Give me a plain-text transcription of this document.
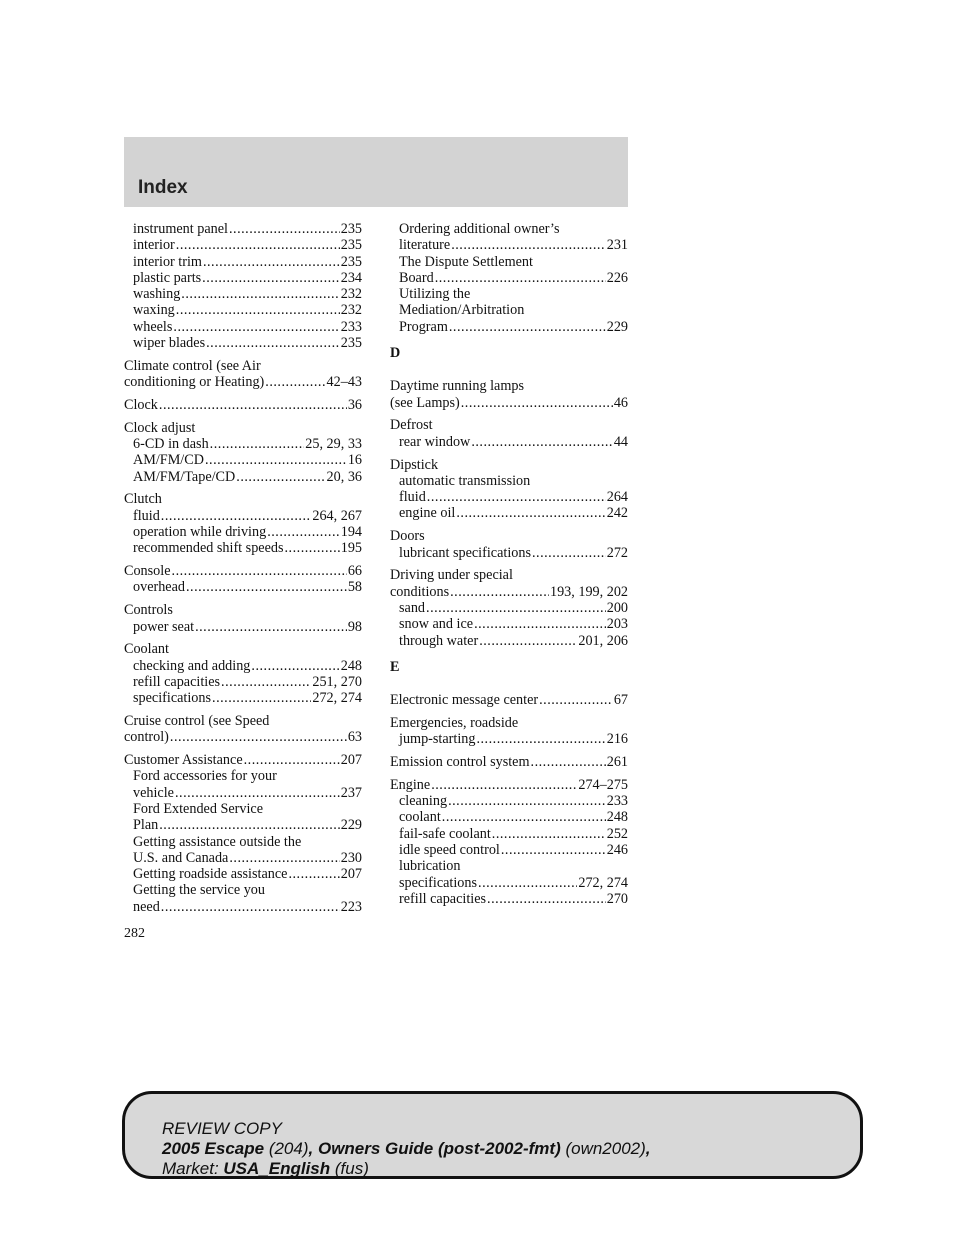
Index
instrument panel .....	235
interior .....	235
interior trim .....	235
plastic parts .....	234
washing .....	232
waxing .....	232
wheels .....	233
wiper blades .....	235
Climate control (see Air
conditioning or Heating) .....	42–43
Clock .....	36
Clock adjust
6-CD in dash .....	25, 29, 33
AM/FM/CD .....	16
AM/FM/Tape/CD .....	20, 36
Clutch
fluid .....	264, 267
operation while driving .....	194
recommended shift speeds .....	195
Console .....	66
overhead .....	58
Controls
power seat .....	98
Coolant
checking and adding .....	248
refill capacities .....	251, 270
specifications .....	272, 274
Cruise control (see Speed
control) .....	63
Customer Assistance .....	207
Ford accessories for your
vehicle .....	237
Ford Extended Service
Plan .....	229
Getting assistance outside the
U.S. and Canada .....	230
Getting roadside assistance .....	207
Getting the service you
need .....	223
Ordering additional owner’s
literature .....	231
The Dispute Settlement
Board .....	226
Utilizing the
Mediation/Arbitration
Program .....	229
D
Daytime running lamps
(see Lamps) .....	46
Defrost
rear window .....	44
Dipstick
automatic transmission
fluid .....	264
engine oil .....	242
Doors
lubricant specifications .....	272
Driving under special
conditions .....	193, 199, 202
sand .....	200
snow and ice .....	203
through water .....	201, 206
E
Electronic message center .....	67
Emergencies, roadside
jump-starting .....	216
Emission control system .....	261
Engine .....	274–275
cleaning .....	233
coolant .....	248
fail-safe coolant .....	252
idle speed control .....	246
lubrication
specifications .....	272, 274
refill capacities .....	270
282
REVIEW COPY
2005 Escape (204), Owners Guide (post-2002-fmt) (own2002),
Market: USA_English (fus)
